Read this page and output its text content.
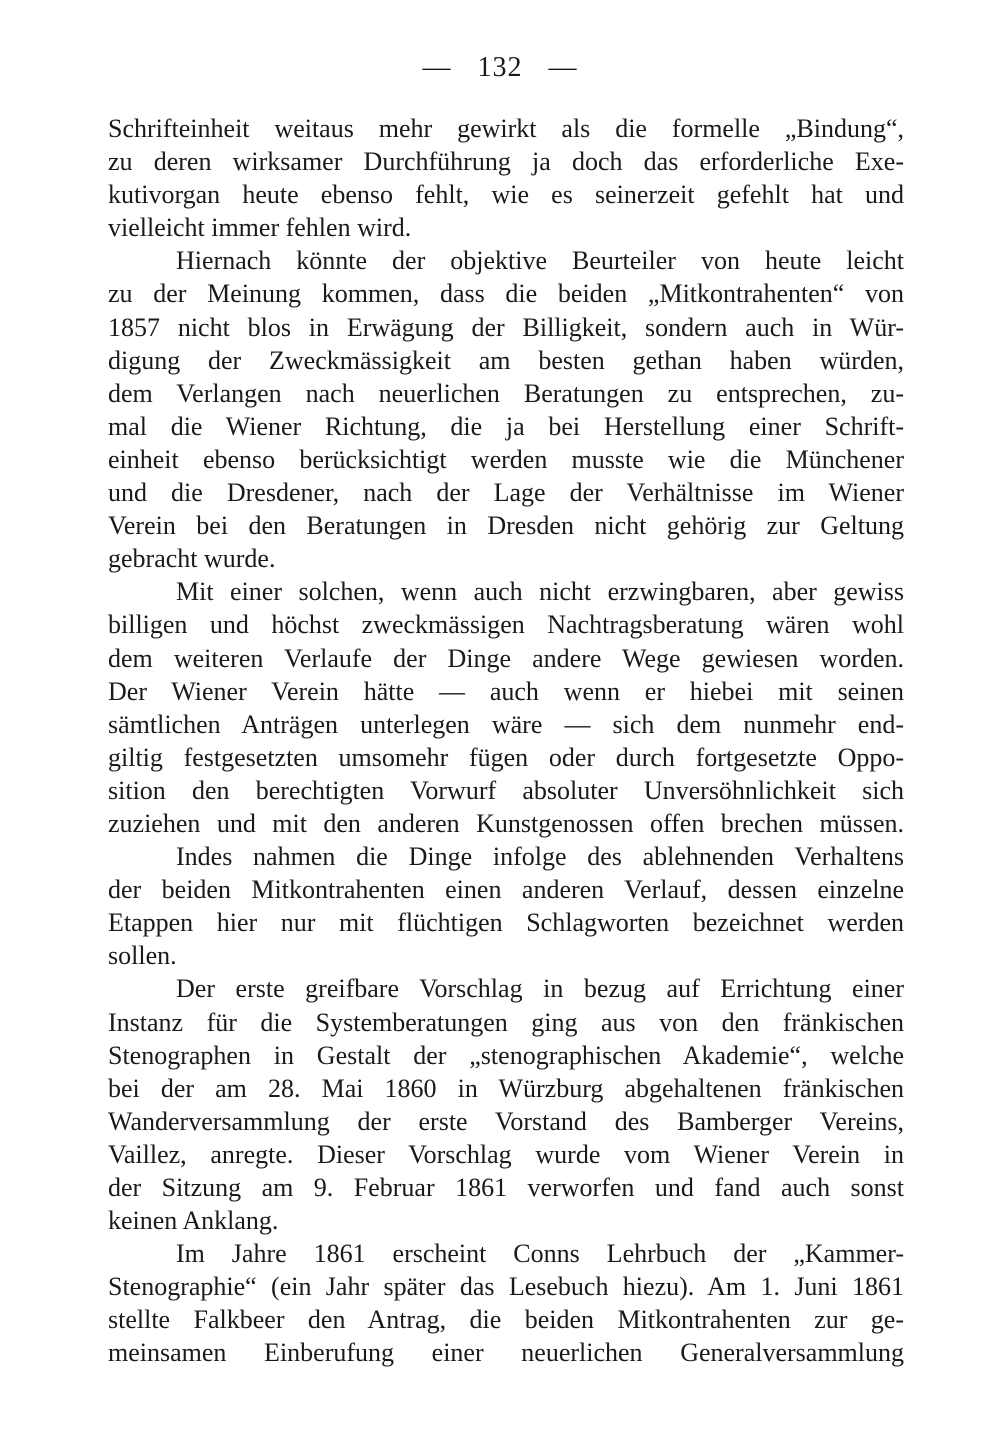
— 132 —
Schrifteinheit weitaus mehr gewirkt als die formelle „Bindung“,
zu deren wirksamer Durchführung ja doch das erforderliche Exe-
kutivorgan heute ebenso fehlt, wie es seinerzeit gefehlt hat und
vielleicht immer fehlen wird.
Hiernach könnte der objektive Beurteiler von heute leicht
zu der Meinung kommen, dass die beiden „Mitkontrahenten“ von
1857 nicht blos in Erwägung der Billigkeit, sondern auch in Wür-
digung der Zweckmässigkeit am besten gethan haben würden,
dem Verlangen nach neuerlichen Beratungen zu entsprechen, zu-
mal die Wiener Richtung, die ja bei Herstellung einer Schrift-
einheit ebenso berücksichtigt werden musste wie die Münchener
und die Dresdener, nach der Lage der Verhältnisse im Wiener
Verein bei den Beratungen in Dresden nicht gehörig zur Geltung
gebracht wurde.
Mit einer solchen, wenn auch nicht erzwingbaren, aber gewiss
billigen und höchst zweckmässigen Nachtragsberatung wären wohl
dem weiteren Verlaufe der Dinge andere Wege gewiesen worden.
Der Wiener Verein hätte — auch wenn er hiebei mit seinen
sämtlichen Anträgen unterlegen wäre — sich dem nunmehr end-
giltig festgesetzten umsomehr fügen oder durch fortgesetzte Oppo-
sition den berechtigten Vorwurf absoluter Unversöhnlichkeit sich
zuziehen und mit den anderen Kunstgenossen offen brechen müssen.
Indes nahmen die Dinge infolge des ablehnenden Verhaltens
der beiden Mitkontrahenten einen anderen Verlauf, dessen einzelne
Etappen hier nur mit flüchtigen Schlagworten bezeichnet werden
sollen.
Der erste greifbare Vorschlag in bezug auf Errichtung einer
Instanz für die Systemberatungen ging aus von den fränkischen
Stenographen in Gestalt der „stenographischen Akademie“, welche
bei der am 28. Mai 1860 in Würzburg abgehaltenen fränkischen
Wanderversammlung der erste Vorstand des Bamberger Vereins,
Vaillez, anregte. Dieser Vorschlag wurde vom Wiener Verein in
der Sitzung am 9. Februar 1861 verworfen und fand auch sonst
keinen Anklang.
Im Jahre 1861 erscheint Conns Lehrbuch der „Kammer-
Stenographie“ (ein Jahr später das Lesebuch hiezu). Am 1. Juni 1861
stellte Falkbeer den Antrag, die beiden Mitkontrahenten zur ge-
meinsamen Einberufung einer neuerlichen Generalversammlung
